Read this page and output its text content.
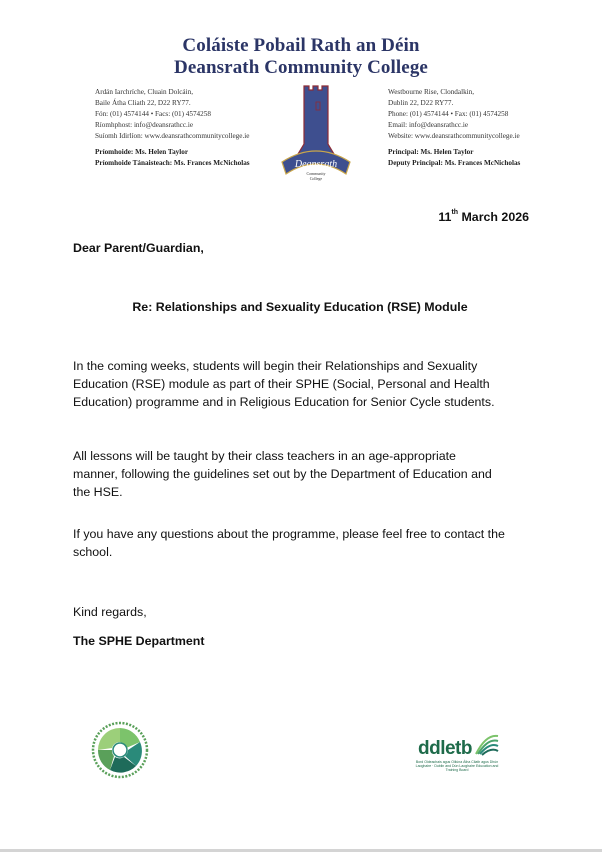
Coláiste Pobail Rath an Déin
Deansrath Community College
Ardán Iarchríche, Cluain Dolcáin,
Baile Átha Cliath 22, D22 RY77.
Fón: (01) 4574144 • Facs: (01) 4574258
Ríomhphost: info@deansrathcc.ie
Suíomh Idirlíon: www.deansrathcommunitycollege.ie
Príomhoide: Ms. Helen Taylor
Príomhoide Tánaisteach: Ms. Frances McNicholas	Deansrath
Community
College
Westbourne Rise, Clondalkin,
Dublin 22, D22 RY77.
Phone: (01) 4574144 • Fax: (01) 4574258
Email: info@deansrathcc.ie
Website: www.deansrathcommunitycollege.ie
Principal: Ms. Helen Taylor
Deputy Principal: Ms. Frances McNicholas
11th March 2026
Dear Parent/Guardian,
Re: Relationships and Sexuality Education (RSE) Module
In the coming weeks, students will begin their Relationships and Sexuality Education (RSE) module as part of their SPHE (Social, Personal and Health Education) programme and in Religious Education for Senior Cycle students.
All lessons will be taught by their class teachers in an age-appropriate manner, following the guidelines set out by the Department of Education and the HSE.
If you have any questions about the programme, please feel free to contact the school.
Kind regards,
The SPHE Department
ddletb
Bord Oideachais agus Oiliúna Átha Cliath agus Dhún Laoghaire · Dublin and Dún Laoghaire Education and Training Board
